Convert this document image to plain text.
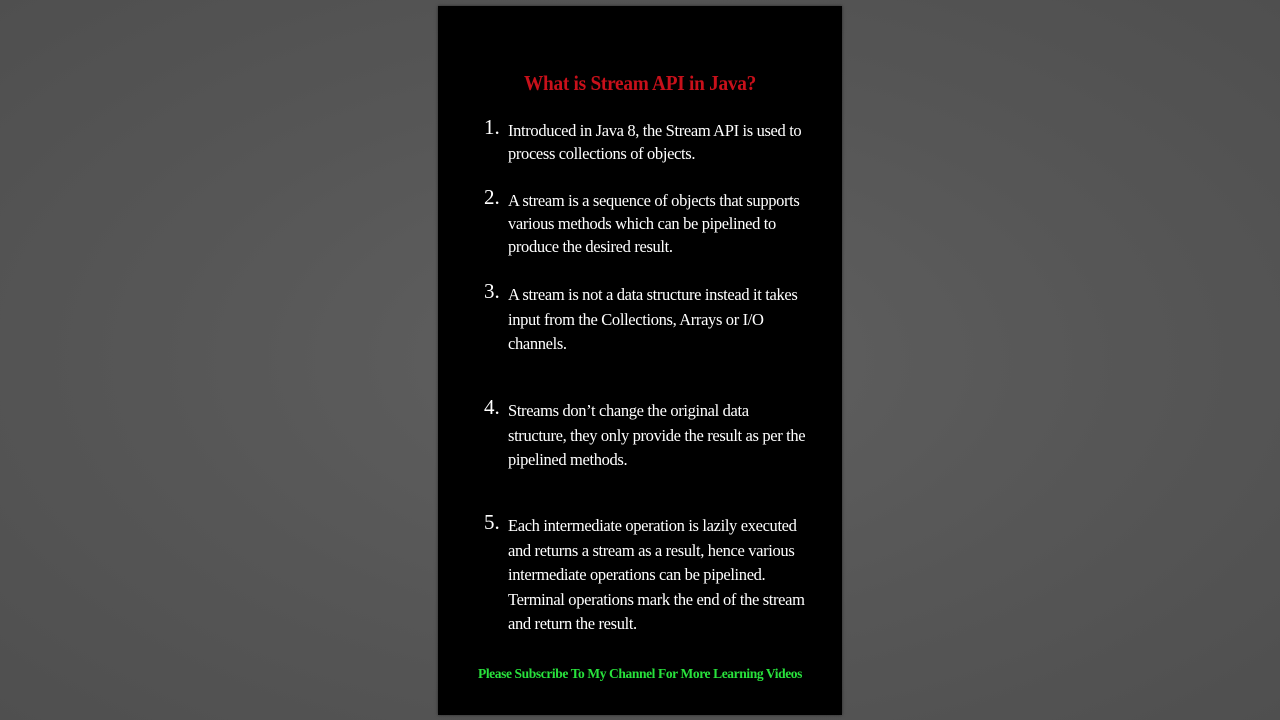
What is Stream API in Java?
1. Introduced in Java 8, the Stream API is used to process collections of objects.
2. A stream is a sequence of objects that supports various methods which can be pipelined to produce the desired result.
3. A stream is not a data structure instead it takes input from the Collections, Arrays or I/O channels.
4. Streams don’t change the original data structure, they only provide the result as per the pipelined methods.
5. Each intermediate operation is lazily executed and returns a stream as a result, hence various intermediate operations can be pipelined. Terminal operations mark the end of the stream and return the result.
Please Subscribe To My Channel For More Learning Videos
